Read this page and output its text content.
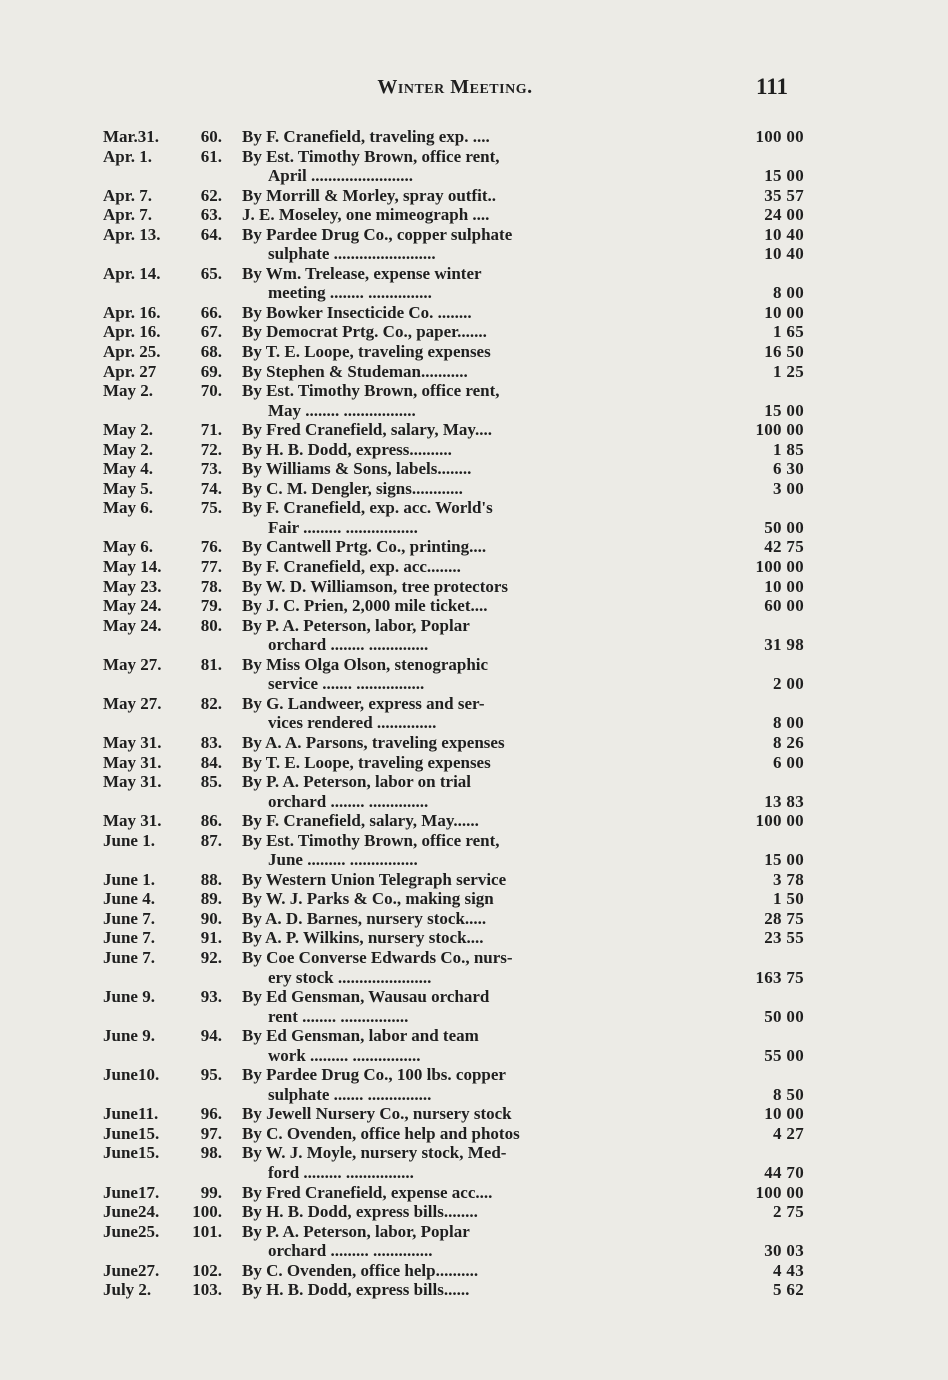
Winter Meeting.	111
Mar.31.	60. By F. Cranefield, traveling exp. ....	100 00
Apr. 1.	61. By Est. Timothy Brown, office rent,
April ........................	15 00
Apr. 7.	62. By Morrill & Morley, spray outfit..	35 57
Apr. 7.	63. J. E. Moseley, one mimeograph ....	24 00
Apr. 13.	64. By Pardee Drug Co., copper sulphate	10 40
sulphate ........................	10 40
Apr. 14.	65. By Wm. Trelease, expense winter
meeting ........ ...............	8 00
Apr. 16.	66. By Bowker Insecticide Co. ........	10 00
Apr. 16.	67. By Democrat Prtg. Co., paper.......	1 65
Apr. 25.	68. By T. E. Loope, traveling expenses	16 50
Apr. 27	69. By Stephen & Studeman...........	1 25
May 2.	70. By Est. Timothy Brown, office rent,
May ........ .................	15 00
May 2.	71. By Fred Cranefield, salary, May....	100 00
May 2.	72. By H. B. Dodd, express..........	1 85
May 4.	73. By Williams & Sons, labels........	6 30
May 5.	74. By C. M. Dengler, signs............	3 00
May 6.	75. By F. Cranefield, exp. acc. World's
Fair ......... .................	50 00
May 6.	76. By Cantwell Prtg. Co., printing....	42 75
May 14.	77. By F. Cranefield, exp. acc........	100 00
May 23.	78. By W. D. Williamson, tree protectors	10 00
May 24.	79. By J. C. Prien, 2,000 mile ticket....	60 00
May 24.	80. By P. A. Peterson, labor, Poplar
orchard ........ ..............	31 98
May 27.	81. By Miss Olga Olson, stenographic
service ....... ................	2 00
May 27.	82. By G. Landweer, express and ser-
vices rendered ..............	8 00
May 31.	83. By A. A. Parsons, traveling expenses	8 26
May 31.	84. By T. E. Loope, traveling expenses	6 00
May 31.	85. By P. A. Peterson, labor on trial
orchard ........ ..............	13 83
May 31.	86. By F. Cranefield, salary, May......	100 00
June 1.	87. By Est. Timothy Brown, office rent,
June ......... ................	15 00
June 1.	88. By Western Union Telegraph service	3 78
June 4.	89. By W. J. Parks & Co., making sign	1 50
June 7.	90. By A. D. Barnes, nursery stock.....	28 75
June 7.	91. By A. P. Wilkins, nursery stock....	23 55
June 7.	92. By Coe Converse Edwards Co., nurs-
ery stock ......................	163 75
June 9.	93. By Ed Gensman, Wausau orchard
rent ........ ................	50 00
June 9.	94. By Ed Gensman, labor and team
work ......... ................	55 00
June10.	95. By Pardee Drug Co., 100 lbs. copper
sulphate ....... ...............	8 50
June11.	96. By Jewell Nursery Co., nursery stock	10 00
June15.	97. By C. Ovenden, office help and photos	4 27
June15.	98. By W. J. Moyle, nursery stock, Med-
ford ......... ................	44 70
June17.	99. By Fred Cranefield, expense acc....	100 00
June24.	100. By H. B. Dodd, express bills........	2 75
June25.	101. By P. A. Peterson, labor, Poplar
orchard ......... ..............	30 03
June27.	102. By C. Ovenden, office help..........	4 43
July 2.	103. By H. B. Dodd, express bills......	5 62
